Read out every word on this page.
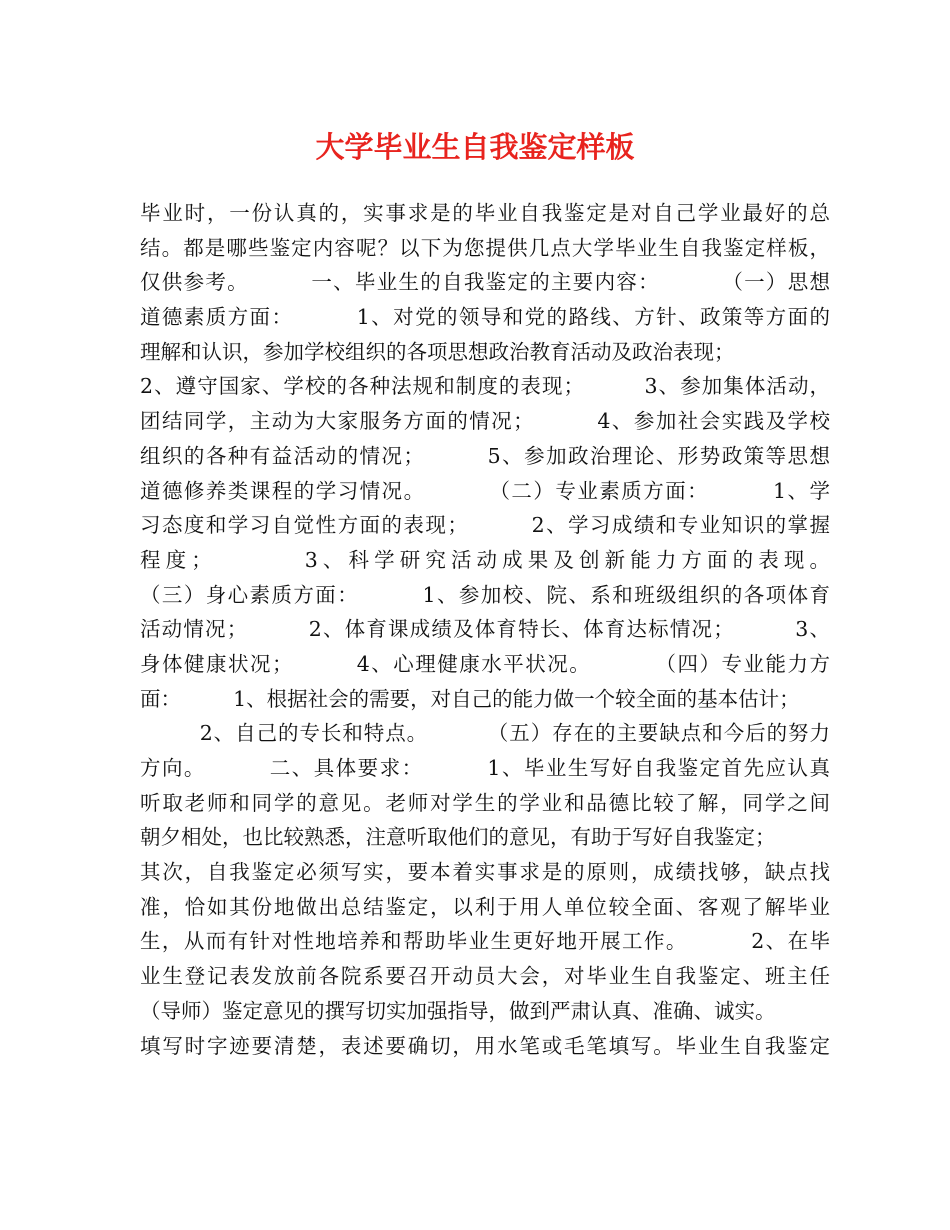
大学毕业生自我鉴定样板
毕业时，一份认真的，实事求是的毕业自我鉴定是对自己学业最好的总
结。都是哪些鉴定内容呢？以下为您提供几点大学毕业生自我鉴定样板，
仅供参考。        一、毕业生的自我鉴定的主要内容：        （一）思想
道德素质方面：        1、对党的领导和党的路线、方针、政策等方面的
理解和认识，参加学校组织的各项思想政治教育活动及政治表现；
2、遵守国家、学校的各种法规和制度的表现；        3、参加集体活动，
团结同学，主动为大家服务方面的情况；        4、参加社会实践及学校
组织的各种有益活动的情况；        5、参加政治理论、形势政策等思想
道德修养类课程的学习情况。        （二）专业素质方面：        1、学
习态度和学习自觉性方面的表现；        2、学习成绩和专业知识的掌握
程度；        3、科学研究活动成果及创新能力方面的表现。
（三）身心素质方面：        1、参加校、院、系和班级组织的各项体育
活动情况；        2、体育课成绩及体育特长、体育达标情况；        3、
身体健康状况；        4、心理健康水平状况。        （四）专业能力方
面：        1、根据社会的需要，对自己的能力做一个较全面的基本估计；
2、自己的专长和特点。        （五）存在的主要缺点和今后的努力
方向。        二、具体要求：        1、毕业生写好自我鉴定首先应认真
听取老师和同学的意见。老师对学生的学业和品德比较了解，同学之间
朝夕相处，也比较熟悉，注意听取他们的意见，有助于写好自我鉴定；
其次，自我鉴定必须写实，要本着实事求是的原则，成绩找够，缺点找
准，恰如其份地做出总结鉴定，以利于用人单位较全面、客观了解毕业
生，从而有针对性地培养和帮助毕业生更好地开展工作。        2、在毕
业生登记表发放前各院系要召开动员大会，对毕业生自我鉴定、班主任
（导师）鉴定意见的撰写切实加强指导，做到严肃认真、准确、诚实。
填写时字迹要清楚，表述要确切，用水笔或毛笔填写。毕业生自我鉴定
